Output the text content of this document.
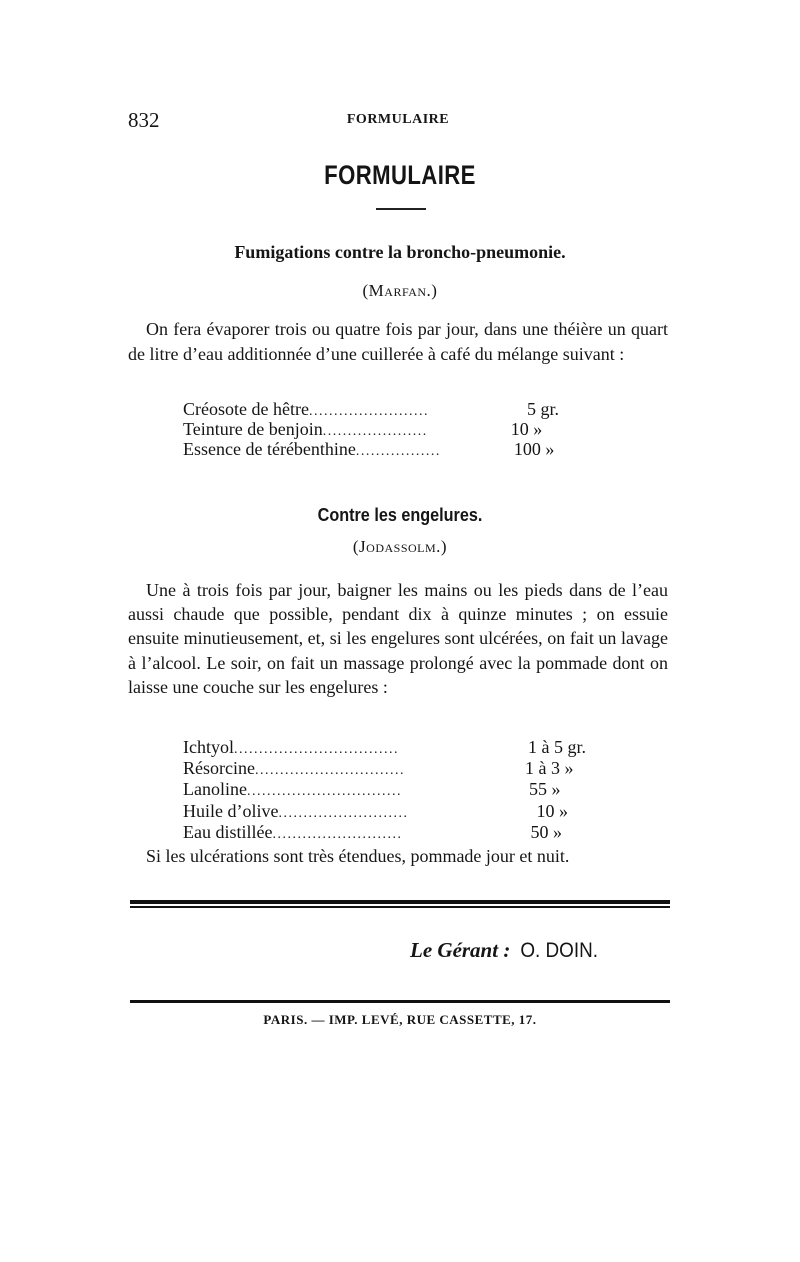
832	FORMULAIRE
FORMULAIRE
Fumigations contre la broncho-pneumonie.
(Marfan.)
On fera évaporer trois ou quatre fois par jour, dans une théière un quart de litre d’eau additionnée d’une cuillerée à café du mélange suivant :
Créosote de hêtre ........................	5 gr.
Teinture de benjoin .....................	10 »
Essence de térébenthine .................	100 »
Contre les engelures.
(Jodassolm.)
Une à trois fois par jour, baigner les mains ou les pieds dans de l’eau aussi chaude que possible, pendant dix à quinze minutes ; on essuie ensuite minutieusement, et, si les engelures sont ulcérées, on fait un lavage à l’alcool. Le soir, on fait un massage prolongé avec la pommade dont on laisse une couche sur les engelures :
Ichtyol .................................	1 à 5 gr.
Résorcine ..............................	1 à 3 »
Lanoline ...............................	55 »
Huile d’olive ..........................	10 »
Eau distillée ..........................	50 »
Si les ulcérations sont très étendues, pommade jour et nuit.
Le Gérant : O. DOIN.
PARIS. — IMP. LEVÉ, RUE CASSETTE, 17.
